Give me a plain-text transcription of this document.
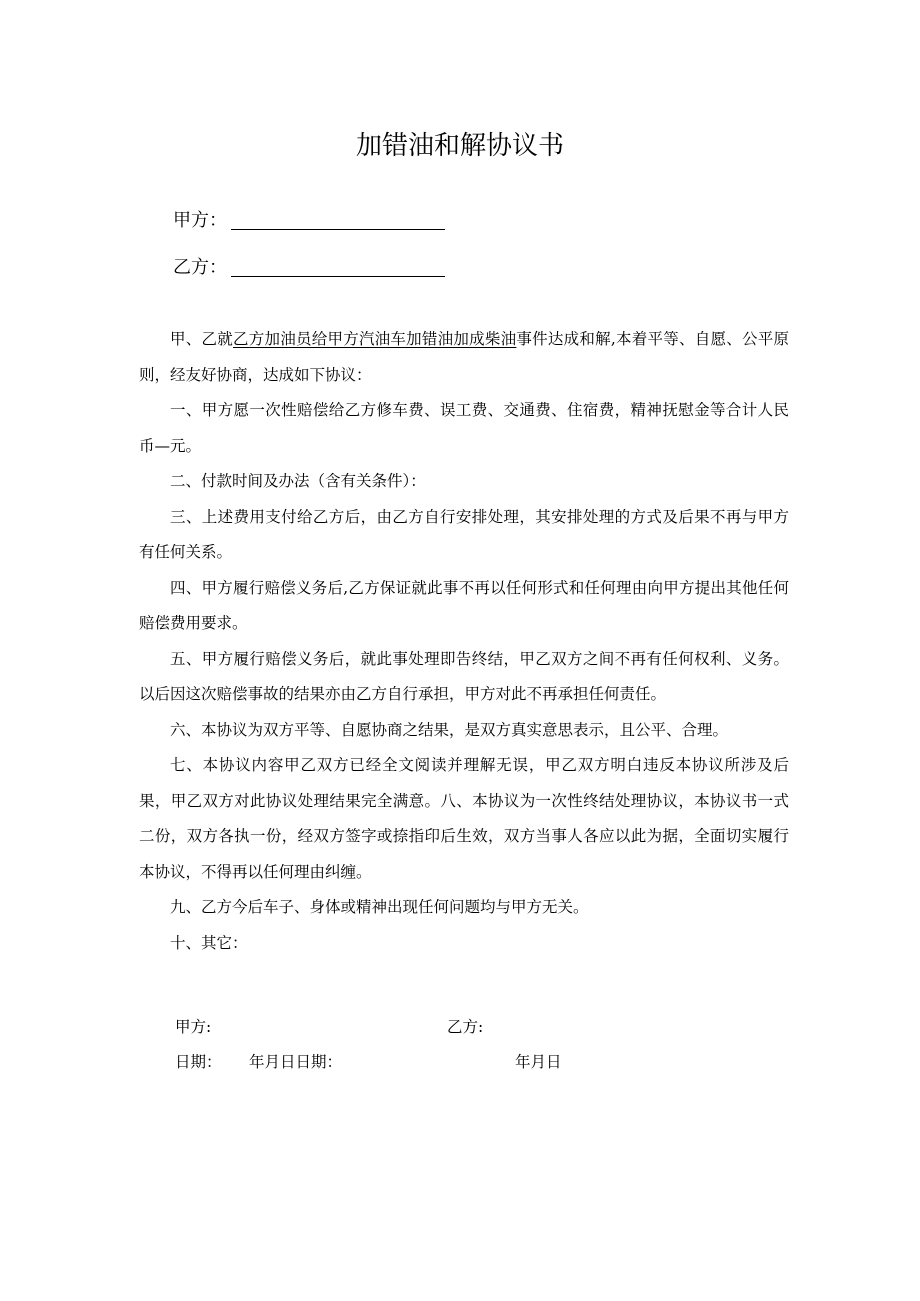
加错油和解协议书
甲方：
乙方：

甲、乙就乙方加油员给甲方汽油车加错油加成柴油事件达成和解,本着平等、自愿、公平原则，经友好协商，达成如下协议：

一、甲方愿一次性赔偿给乙方修车费、误工费、交通费、住宿费，精神抚慰金等合计人民币—元。

二、付款时间及办法（含有关条件）：

三、上述费用支付给乙方后，由乙方自行安排处理，其安排处理的方式及后果不再与甲方有任何关系。

四、甲方履行赔偿义务后,乙方保证就此事不再以任何形式和任何理由向甲方提出其他任何赔偿费用要求。

五、甲方履行赔偿义务后，就此事处理即告终结，甲乙双方之间不再有任何权利、义务。以后因这次赔偿事故的结果亦由乙方自行承担，甲方对此不再承担任何责任。

六、本协议为双方平等、自愿协商之结果，是双方真实意思表示，且公平、合理。

七、本协议内容甲乙双方已经全文阅读并理解无误，甲乙双方明白违反本协议所涉及后果，甲乙双方对此协议处理结果完全满意。八、本协议为一次性终结处理协议，本协议书一式二份，双方各执一份，经双方签字或捺指印后生效，双方当事人各应以此为据，全面切实履行本协议，不得再以任何理由纠缠。

九、乙方今后车子、身体或精神出现任何问题均与甲方无关。

十、其它：

甲方:	乙方:
日期： 年月日日期：	年月日
